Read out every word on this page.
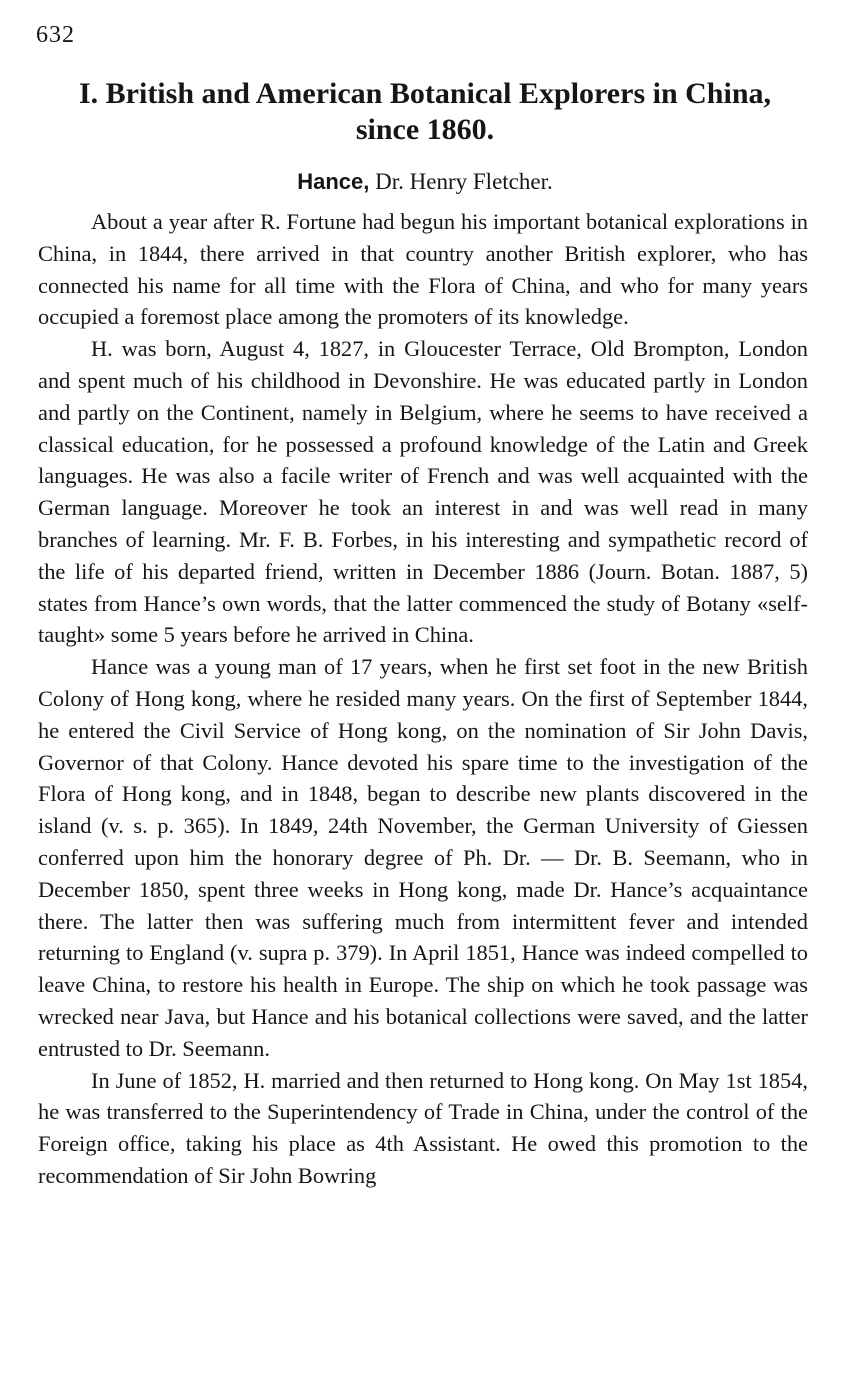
632
I. British and American Botanical Explorers in China,
since 1860.
Hance, Dr. Henry Fletcher.

About a year after R. Fortune had begun his important botanical explorations in China, in 1844, there arrived in that country another British explorer, who has connected his name for all time with the Flora of China, and who for many years occupied a foremost place among the promoters of its knowledge.

H. was born, August 4, 1827, in Gloucester Terrace, Old Brompton, London and spent much of his childhood in Devonshire. He was educated partly in London and partly on the Continent, namely in Belgium, where he seems to have received a classical education, for he possessed a profound knowledge of the Latin and Greek languages. He was also a facile writer of French and was well acquainted with the German language. Moreover he took an interest in and was well read in many branches of learning. Mr. F. B. Forbes, in his interesting and sympathetic record of the life of his departed friend, written in December 1886 (Journ. Botan. 1887, 5) states from Hance’s own words, that the latter commenced the study of Botany «self-taught» some 5 years before he arrived in China.

Hance was a young man of 17 years, when he first set foot in the new British Colony of Hong kong, where he resided many years. On the first of September 1844, he entered the Civil Service of Hong kong, on the nomination of Sir John Davis, Governor of that Colony. Hance devoted his spare time to the investigation of the Flora of Hong kong, and in 1848, began to describe new plants discovered in the island (v. s. p. 365). In 1849, 24th November, the German University of Giessen conferred upon him the honorary degree of Ph. Dr. — Dr. B. Seemann, who in December 1850, spent three weeks in Hong kong, made Dr. Hance’s acquaintance there. The latter then was suffering much from intermittent fever and intended returning to England (v. supra p. 379). In April 1851, Hance was indeed compelled to leave China, to restore his health in Europe. The ship on which he took passage was wrecked near Java, but Hance and his botanical collections were saved, and the latter entrusted to Dr. Seemann.

In June of 1852, H. married and then returned to Hong kong. On May 1st 1854, he was transferred to the Superintendency of Trade in China, under the control of the Foreign office, taking his place as 4th Assistant. He owed this promotion to the recommendation of Sir John Bowring
